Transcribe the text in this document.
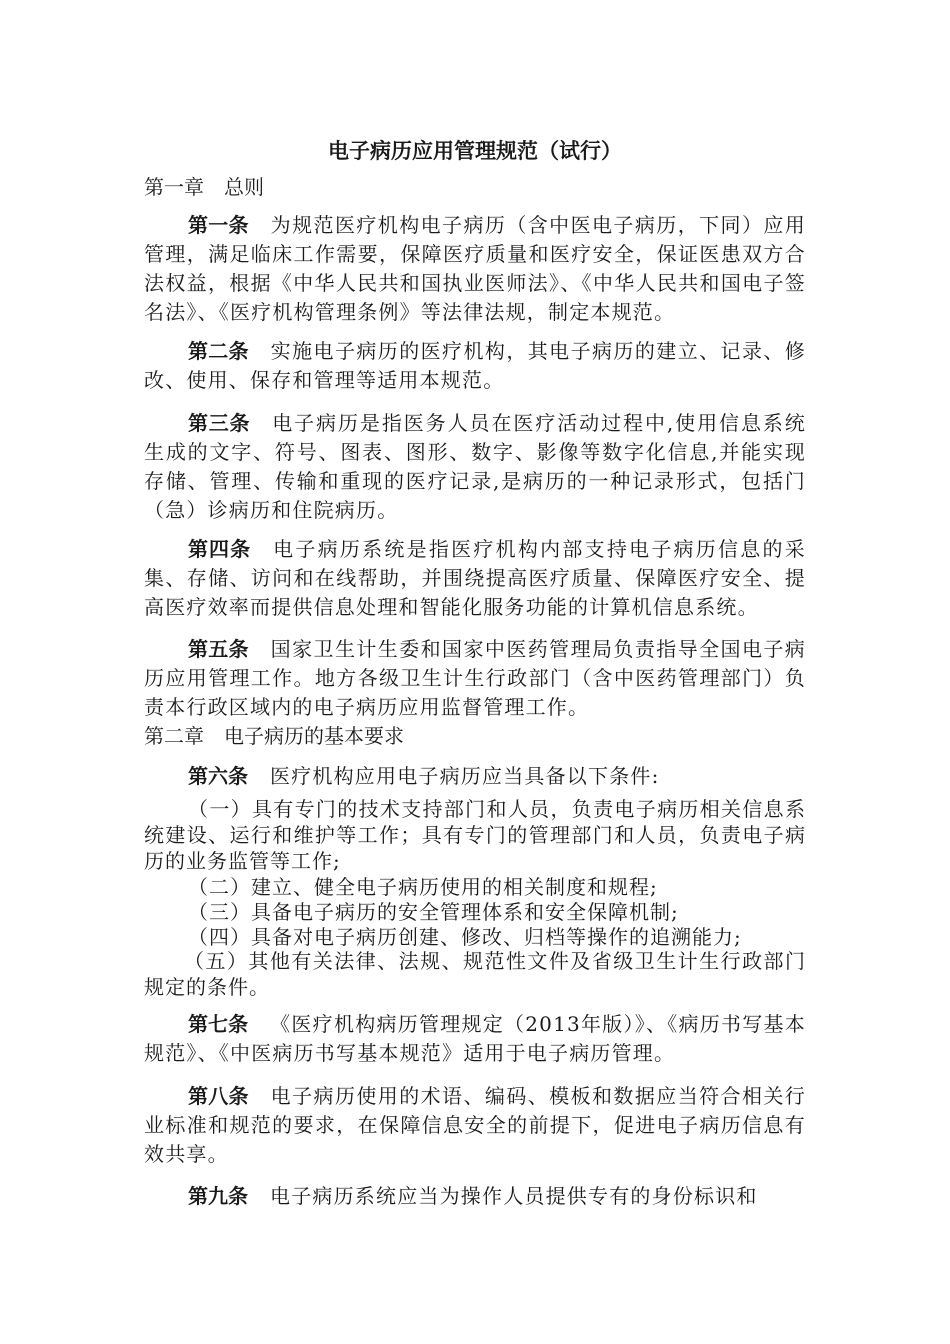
电子病历应用管理规范（试行）
第一章　总则
第一条 为规范医疗机构电子病历（含中医电子病历，下同）应用管理，满足临床工作需要，保障医疗质量和医疗安全，保证医患双方合法权益，根据《中华人民共和国执业医师法》、《中华人民共和国电子签名法》、《医疗机构管理条例》等法律法规，制定本规范。
第二条 实施电子病历的医疗机构，其电子病历的建立、记录、修改、使用、保存和管理等适用本规范。
第三条 电子病历是指医务人员在医疗活动过程中,使用信息系统生成的文字、符号、图表、图形、数字、影像等数字化信息,并能实现存储、管理、传输和重现的医疗记录,是病历的一种记录形式，包括门（急）诊病历和住院病历。
第四条 电子病历系统是指医疗机构内部支持电子病历信息的采集、存储、访问和在线帮助，并围绕提高医疗质量、保障医疗安全、提高医疗效率而提供信息处理和智能化服务功能的计算机信息系统。
第五条 国家卫生计生委和国家中医药管理局负责指导全国电子病历应用管理工作。地方各级卫生计生行政部门（含中医药管理部门）负责本行政区域内的电子病历应用监督管理工作。
第二章　电子病历的基本要求
第六条 医疗机构应用电子病历应当具备以下条件:
（一）具有专门的技术支持部门和人员，负责电子病历相关信息系统建设、运行和维护等工作；具有专门的管理部门和人员，负责电子病历的业务监管等工作;
（二）建立、健全电子病历使用的相关制度和规程;
（三）具备电子病历的安全管理体系和安全保障机制;
（四）具备对电子病历创建、修改、归档等操作的追溯能力;
（五）其他有关法律、法规、规范性文件及省级卫生计生行政部门规定的条件。
第七条 《医疗机构病历管理规定（2013年版）》、《病历书写基本规范》、《中医病历书写基本规范》适用于电子病历管理。
第八条 电子病历使用的术语、编码、模板和数据应当符合相关行业标准和规范的要求，在保障信息安全的前提下，促进电子病历信息有效共享。
第九条 电子病历系统应当为操作人员提供专有的身份标识和
